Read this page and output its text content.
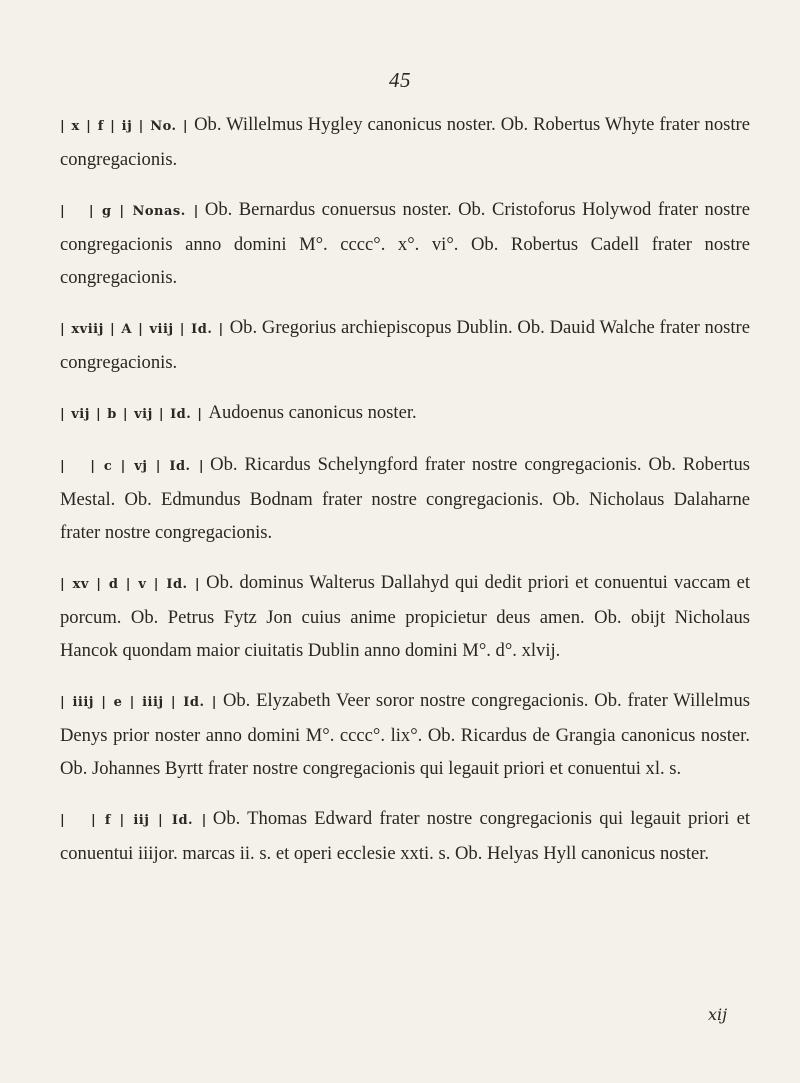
45

| x | f | ij | No. | Ob. Willelmus Hygley canonicus noster. Ob. Robertus Whyte frater nostre congregacionis.

|   | g | Nonas. | Ob. Bernardus conuersus noster. Ob. Cristoforus Holywod frater nostre congregacionis anno domini M°. cccc°. x°. vi°. Ob. Robertus Cadell frater nostre congregacionis.

| xviij | A | viij | Id. | Ob. Gregorius archiepiscopus Dublin. Ob. Dauid Walche frater nostre congregacionis.

| vij | b | vij | Id. | Audoenus canonicus noster.

|   | c | vj | Id. | Ob. Ricardus Schelyngford frater nostre congregacionis. Ob. Robertus Mestal. Ob. Edmundus Bodnam frater nostre congregacionis. Ob. Nicholaus Dalaharne frater nostre congregacionis.

| xv | d | v | Id. | Ob. dominus Walterus Dallahyd qui dedit priori et conuentui vaccam et porcum. Ob. Petrus Fytz Jon cuius anime propicietur deus amen. Ob. obijt Nicholaus Hancok quondam maior ciuitatis Dublin anno domini M°. d°. xlvij.

| iiij | e | iiij | Id. | Ob. Elyzabeth Veer soror nostre congregacionis. Ob. frater Willelmus Denys prior noster anno domini M°. cccc°. lix°. Ob. Ricardus de Grangia canonicus noster. Ob. Johannes Byrtt frater nostre congregacionis qui legauit priori et conuentui xl. s.

|   | f | iij | Id. | Ob. Thomas Edward frater nostre congregacionis qui legauit priori et conuentui iiijor. marcas ii. s. et operi ecclesie xxti. s. Ob. Helyas Hyll canonicus noster.

xij
